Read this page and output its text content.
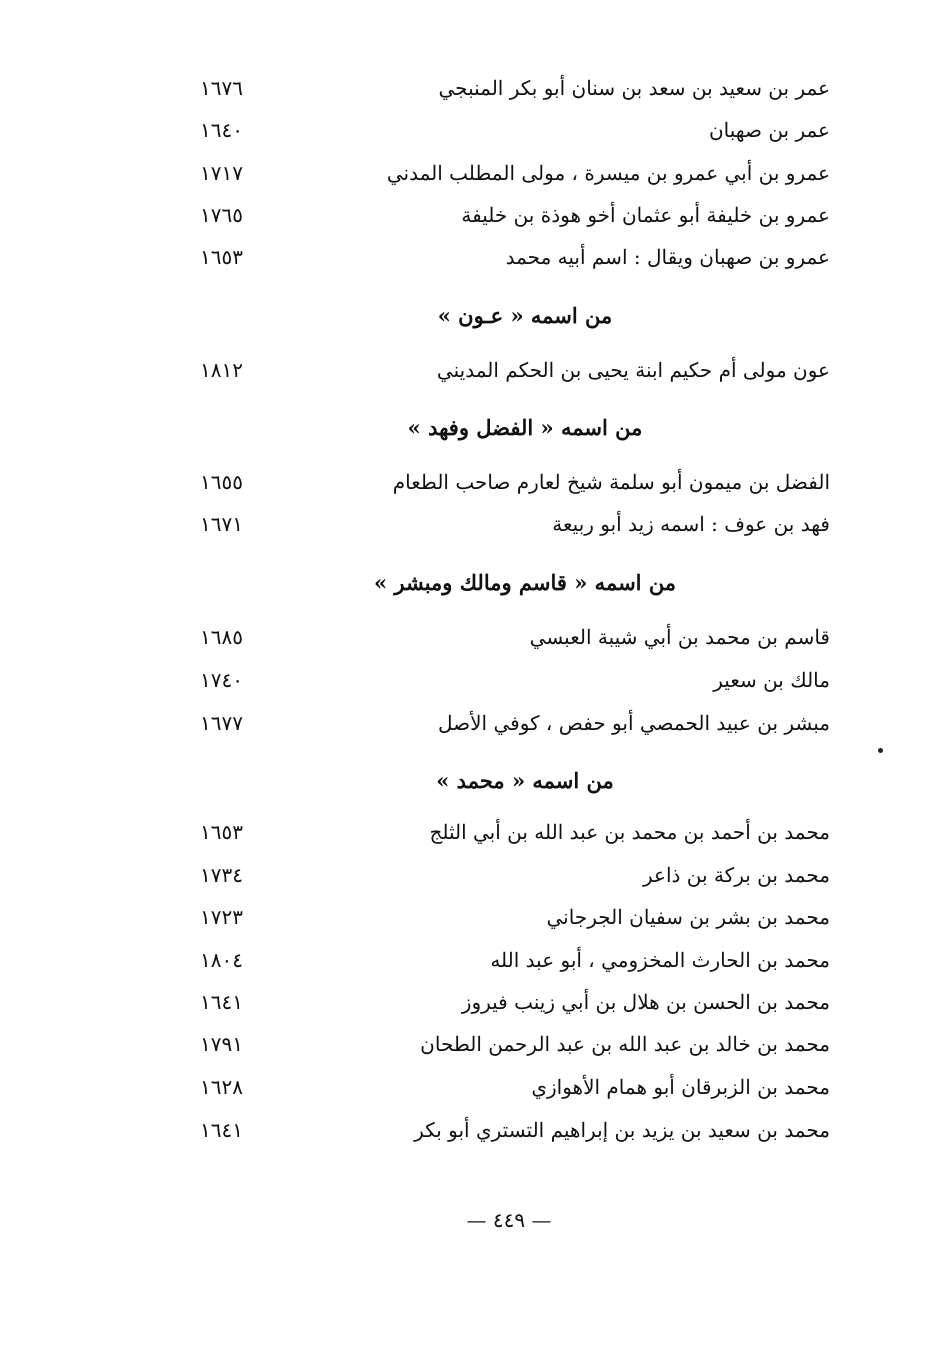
عمر بن سعيد بن سعد بن سنان أبو بكر المنبجي
١٦٧٦
عمر بن صهبان
١٦٤٠
عمرو بن أبي عمرو بن ميسرة ، مولى المطلب المدني
١٧١٧
عمرو بن خليفة أبو عثمان أخو هوذة بن خليفة
١٧٦٥
عمرو بن صهبان ويقال : اسم أبيه محمد
١٦٥٣
من اسمه « عـون »
عون مولى أم حكيم ابنة يحيى بن الحكم المديني
١٨١٢
من اسمه « الفضل وفهد »
الفضل بن ميمون أبو سلمة شيخ لعارم صاحب الطعام
١٦٥٥
فهد بن عوف : اسمه زيد أبو ربيعة
١٦٧١
من اسمه « قاسم ومالك ومبشر »
قاسم بن محمد بن أبي شيبة العبسي
١٦٨٥
مالك بن سعير
١٧٤٠
مبشر بن عبيد الحمصي أبو حفص ، كوفي الأصل
١٦٧٧
من اسمه « محمد »
محمد بن أحمد بن محمد بن عبد الله بن أبي الثلج
١٦٥٣
محمد بن بركة بن ذاعر
١٧٣٤
محمد بن بشر بن سفيان الجرجاني
١٧٢٣
محمد بن الحارث المخزومي ، أبو عبد الله
١٨٠٤
محمد بن الحسن بن هلال بن أبي زينب فيروز
١٦٤١
محمد بن خالد بن عبد الله بن عبد الرحمن الطحان
١٧٩١
محمد بن الزبرقان أبو همام الأهوازي
١٦٢٨
محمد بن سعيد بن يزيد بن إبراهيم التستري أبو بكر
١٦٤١
— ٤٤٩ —
